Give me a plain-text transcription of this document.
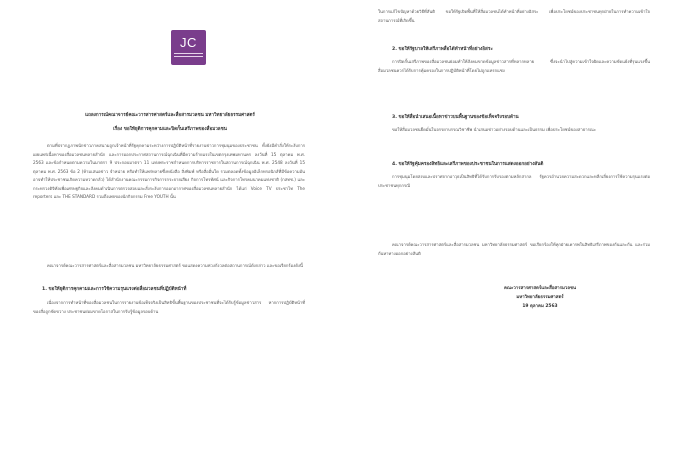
JC
แถลงการณ์คณาจารย์คณะวารสารศาสตร์และสื่อสารมวลชน มหาวิทยาลัยธรรมศาสตร์
เรื่อง ขอให้ยุติการคุกคามและปิดกั้นเสรีภาพของสื่อมวลชน
ตามที่ปรากฏภาพนักข่าวภาคสนามถูกเจ้าหน้าที่รัฐคุกคามระหว่างการปฏิบัติหน้าที่รายงานข่าวการชุมนุมของประชาชน ทั้งยังมีคำสั่งให้ระงับการเผยแพร่เนื้อหาของสื่อมวลชนหลายสำนัก และการออกประกาศสถานการณ์ฉุกเฉินที่มีความร้ายแรงในเขตกรุงเทพมหานคร ลงวันที่ 15 ตุลาคม พ.ศ. 2563 และข้อกำหนดตามความในมาตรา 9 ประกอบมาตรา 11 แห่งพระราชกำหนดการบริหารราชการในสถานการณ์ฉุกเฉิน พ.ศ. 2548 ลงวันที่ 15 ตุลาคม พ.ศ. 2563 ข้อ 2 (ห้ามเสนอข่าว จำหน่าย หรือทำให้แพร่หลายซึ่งหนังสือ สิ่งพิมพ์ หรือสื่ออื่นใด รวมตลอดทั้งข้อมูลอิเล็กทรอนิกส์ที่มีข้อความอันอาจทำให้ประชาชนเกิดความหวาดกลัว) ได้สำนักงานคณะกรรมการกิจการกระจายเสียง กิจการโทรทัศน์ และกิจการโทรคมนาคมแห่งชาติ (กสทช.) และกระทรวงดิจิทัลเพื่อเศรษฐกิจและสังคมดำเนินการตรวจสอบและสั่งระงับการออกอากาศของสื่อมวลชนหลายสำนัก ได้แก่ Voice TV ประชาไท The reporters และ THE STANDARD รวมถึงเพจของนักกิจกรรม Free YOUTH นั้น
คณาจารย์คณะวารสารศาสตร์และสื่อสารมวลชน มหาวิทยาลัยธรรมศาสตร์ ขอแสดงความห่วงกังวลต่อสถานการณ์ดังกล่าว และขอเรียกร้องดังนี้
1. ขอให้ยุติการคุกคามและการใช้ความรุนแรงต่อสื่อมวลชนที่ปฏิบัติหน้าที่
เนื่องจากการทำหน้าที่ของสื่อมวลชนในการรายงานข้อเท็จจริงเป็นสิทธิขั้นพื้นฐานของประชาชนที่จะได้รับรู้ข้อมูลข่าวสาร หากการปฏิบัติหน้าที่ของสื่อถูกขัดขวาง ประชาชนย่อมขาดโอกาสในการรับรู้ข้อมูลรอบด้าน
ในการแก้ไขปัญหาด้วยวิธีที่สันติ ขอให้รัฐเปิดพื้นที่ให้สื่อมวลชนได้ทำหน้าที่อย่างอิสระ เพื่อประโยชน์ของประชาชนทุกฝ่ายในการทำความเข้าใจสถานการณ์ที่เกิดขึ้น
2. ขอให้รัฐบาลให้เสรีภาพสื่อได้ทำหน้าที่อย่างอิสระ
การปิดกั้นเสรีภาพของสื่อมวลชนย่อมทำให้สังคมขาดข้อมูลข่าวสารที่หลากหลาย ซึ่งจะนำไปสู่ความเข้าใจผิดและความขัดแย้งที่รุนแรงขึ้น สื่อมวลชนควรได้รับการคุ้มครองในการปฏิบัติหน้าที่โดยไม่ถูกแทรกแซง
3. ขอให้สื่อนำเสนอเนื้อหาข่าวบนพื้นฐานของข้อเท็จจริงรอบด้าน
ขอให้สื่อมวลชนยึดมั่นในจรรยาบรรณวิชาชีพ นำเสนอข่าวอย่างรอบด้านและเป็นธรรม เพื่อประโยชน์ของสาธารณะ
4. ขอให้รัฐคุ้มครองสิทธิและเสรีภาพของประชาชนในการแสดงออกอย่างสันติ
การชุมนุมโดยสงบและปราศจากอาวุธเป็นสิทธิที่ได้รับการรับรองตามหลักสากล รัฐควรอำนวยความสะดวกและหลีกเลี่ยงการใช้ความรุนแรงต่อประชาชนทุกกรณี
คณาจารย์คณะวารสารศาสตร์และสื่อสารมวลชน มหาวิทยาลัยธรรมศาสตร์ ขอเรียกร้องให้ทุกฝ่ายเคารพในสิทธิเสรีภาพของกันและกัน และร่วมกันหาทางออกอย่างสันติ
คณะวารสารศาสตร์และสื่อสารมวลชน
มหาวิทยาลัยธรรมศาสตร์
19 ตุลาคม 2563
